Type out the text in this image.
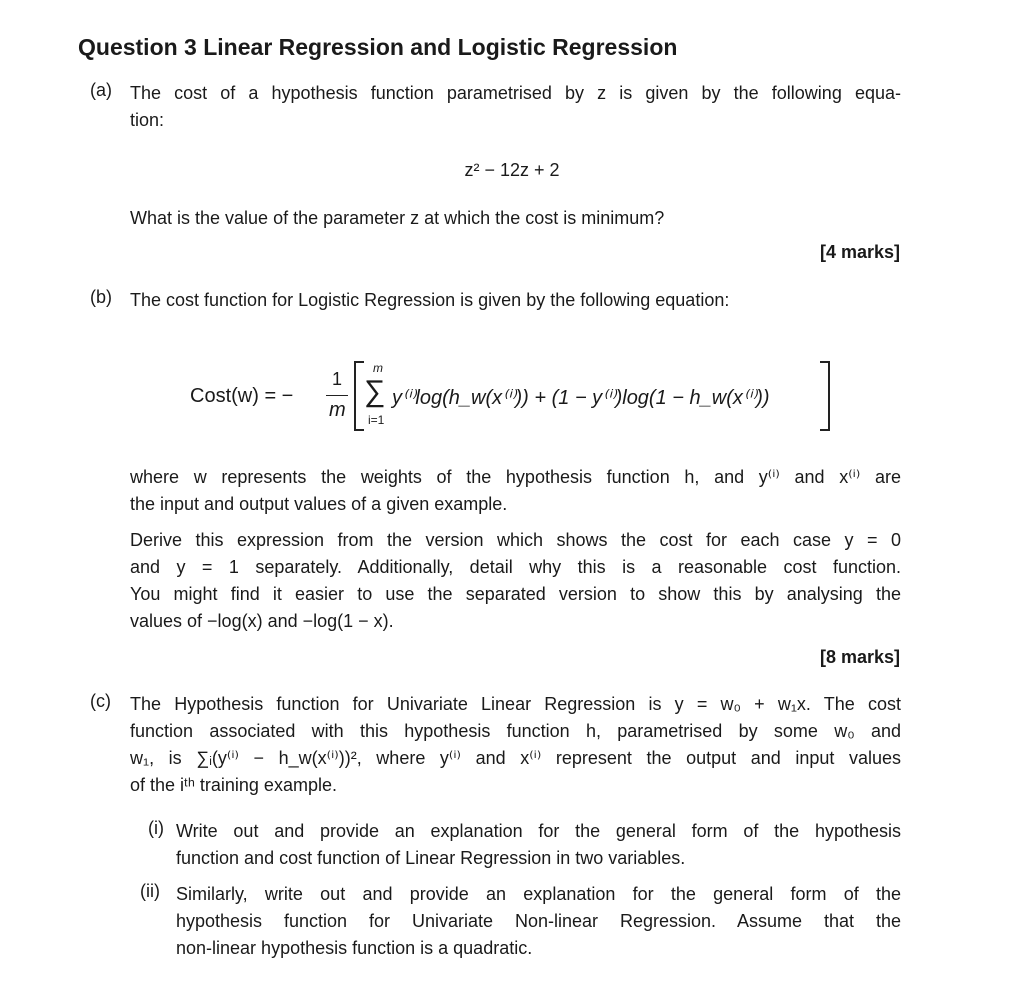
Question 3 Linear Regression and Logistic Regression
(a) The cost of a hypothesis function parametrised by z is given by the following equa-
tion:
z² − 12z + 2
What is the value of the parameter z at which the cost is minimum?
[4 marks]
(b) The cost function for Logistic Regression is given by the following equation:
Cost(w) = −
1
m
m
∑
i=1
y⁽ⁱ⁾log(h_w(x⁽ⁱ⁾)) + (1 − y⁽ⁱ⁾)log(1 − h_w(x⁽ⁱ⁾))
where w represents the weights of the hypothesis function h, and y⁽ⁱ⁾ and x⁽ⁱ⁾ are
the input and output values of a given example.
Derive this expression from the version which shows the cost for each case y = 0
and y = 1 separately. Additionally, detail why this is a reasonable cost function.
You might find it easier to use the separated version to show this by analysing the
values of −log(x) and −log(1 − x).
[8 marks]
(c) The Hypothesis function for Univariate Linear Regression is y = w₀ + w₁x. The cost
function associated with this hypothesis function h, parametrised by some w₀ and
w₁, is ∑ᵢ(y⁽ⁱ⁾ − h_w(x⁽ⁱ⁾))², where y⁽ⁱ⁾ and x⁽ⁱ⁾ represent the output and input values
of the iᵗʰ training example.
(i) Write out and provide an explanation for the general form of the hypothesis
function and cost function of Linear Regression in two variables.
(ii) Similarly, write out and provide an explanation for the general form of the
hypothesis function for Univariate Non-linear Regression. Assume that the
non-linear hypothesis function is a quadratic.
